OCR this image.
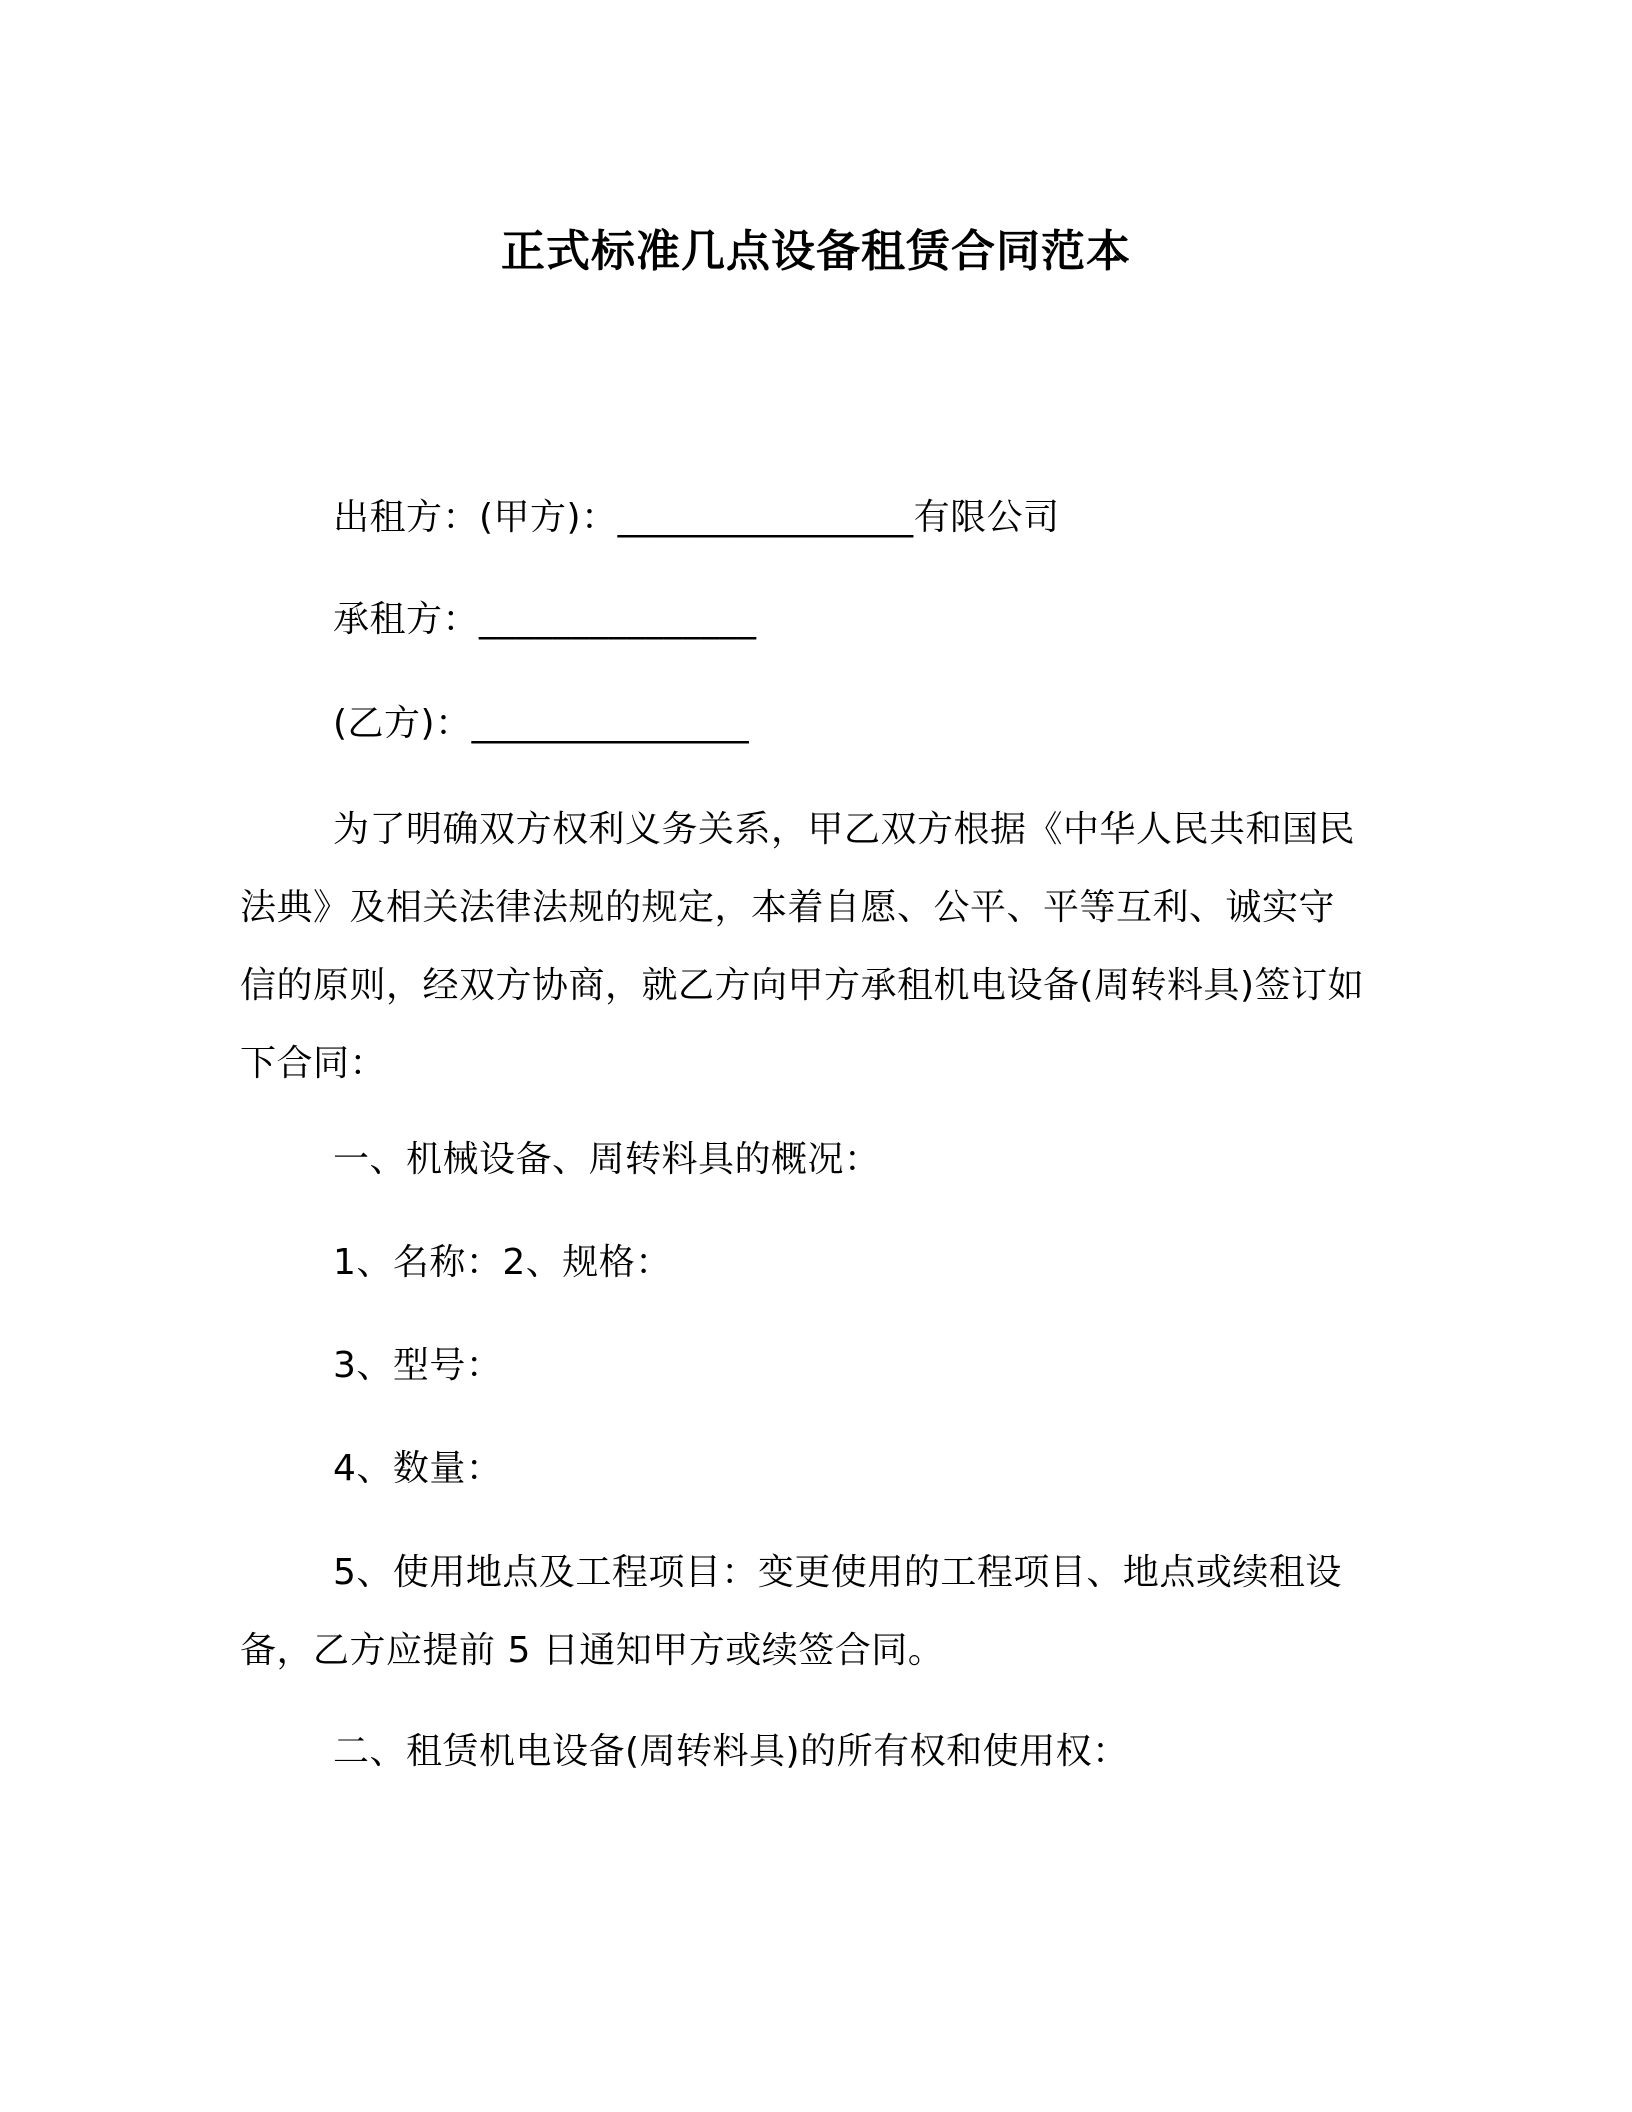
正式标准几点设备租赁合同范本
出租方：(甲方)：________________有限公司
承租方：_______________
(乙方)：_______________
为了明确双方权利义务关系，甲乙双方根据《中华人民共和国民
法典》及相关法律法规的规定，本着自愿、公平、平等互利、诚实守
信的原则，经双方协商，就乙方向甲方承租机电设备(周转料具)签订如
下合同：
一、机械设备、周转料具的概况：
1、名称：2、规格：
3、型号：
4、数量：
5、使用地点及工程项目：变更使用的工程项目、地点或续租设
备，乙方应提前 5 日通知甲方或续签合同。
二、租赁机电设备(周转料具)的所有权和使用权：
